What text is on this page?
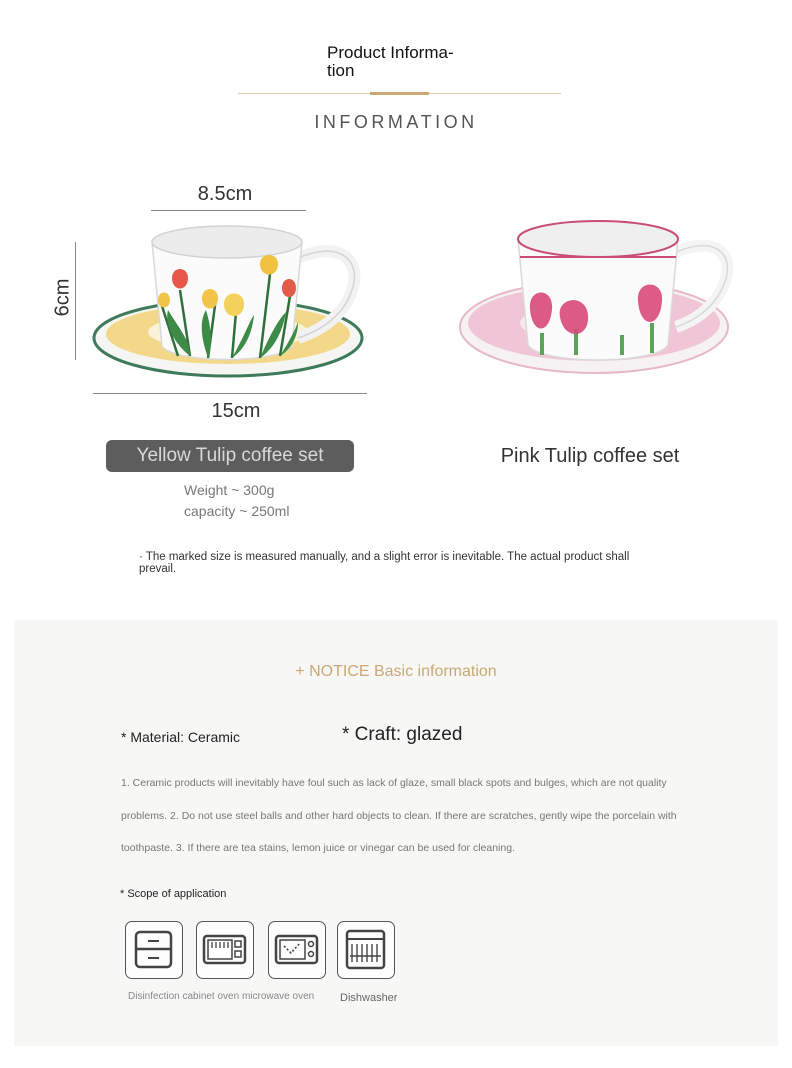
Product Informa-tion
INFORMATION
8.5cm
6cm
15cm
Yellow Tulip coffee set	Pink Tulip coffee set
Weight ~ 300g
capacity ~ 250ml
· The marked size is measured manually, and a slight error is inevitable. The actual product shall prevail.
+ NOTICE Basic information
* Material: Ceramic	* Craft: glazed
1. Ceramic products will inevitably have foul such as lack of glaze, small black spots and bulges, which are not quality
problems. 2. Do not use steel balls and other hard objects to clean. If there are scratches, gently wipe the porcelain with
toothpaste. 3. If there are tea stains, lemon juice or vinegar can be used for cleaning.
* Scope of application
Disinfection cabinet oven microwave oven Dishwasher
